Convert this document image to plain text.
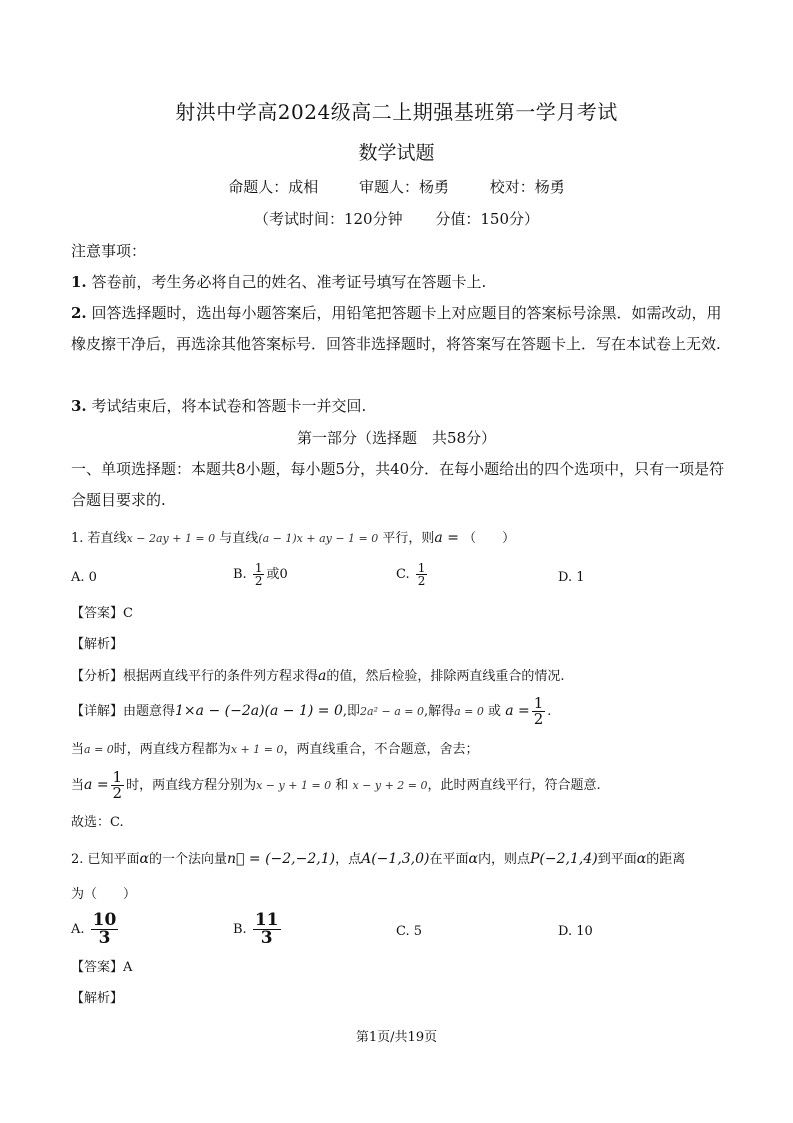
射洪中学高2024级高二上期强基班第一学月考试
数学试题
命题人：成相	审题人：杨勇	校对：杨勇
（考试时间：120分钟 分值：150分）
注意事项：
1. 答卷前，考生务必将自己的姓名、准考证号填写在答题卡上.
2. 回答选择题时，选出每小题答案后，用铅笔把答题卡上对应题目的答案标号涂黑．如需改动，用橡皮擦干净后，再选涂其他答案标号．回答非选择题时，将答案写在答题卡上．写在本试卷上无效.
3. 考试结束后，将本试卷和答题卡一并交回.
第一部分（选择题　共58分）
一、单项选择题：本题共8小题，每小题5分，共40分．在每小题给出的四个选项中，只有一项是符合题目要求的.
1. 若直线x − 2ay + 1 = 0 与直线(a − 1)x + ay − 1 = 0 平行，则a = （　　）
A. 0	B. $\frac{1}{2}$ 或0	C. $\frac{1}{2}$	D. 1
【答案】C
【解析】
【分析】根据两直线平行的条件列方程求得a的值，然后检验，排除两直线重合的情况.
【详解】由题意得1×a − (−2a)(a − 1) = 0,即2a² − a = 0,解得a = 0 或 $a = \frac{1}{2}$ .
当a = 0时，两直线方程都为x + 1 = 0，两直线重合，不合题意，舍去；
当$a = \frac{1}{2}$ 时，两直线方程分别为x − y + 1 = 0 和 x − y + 2 = 0，此时两直线平行，符合题意.
故选：C.
2. 已知平面α的一个法向量n⃗ = (−2,−2,1)，点A(−1,3,0)在平面α内，则点P(−2,1,4)到平面α的距离
为（　　）
A. $\frac{10}{3}$	B. $\frac{11}{3}$	C. 5	D. 10
【答案】A
【解析】
第1页/共19页
